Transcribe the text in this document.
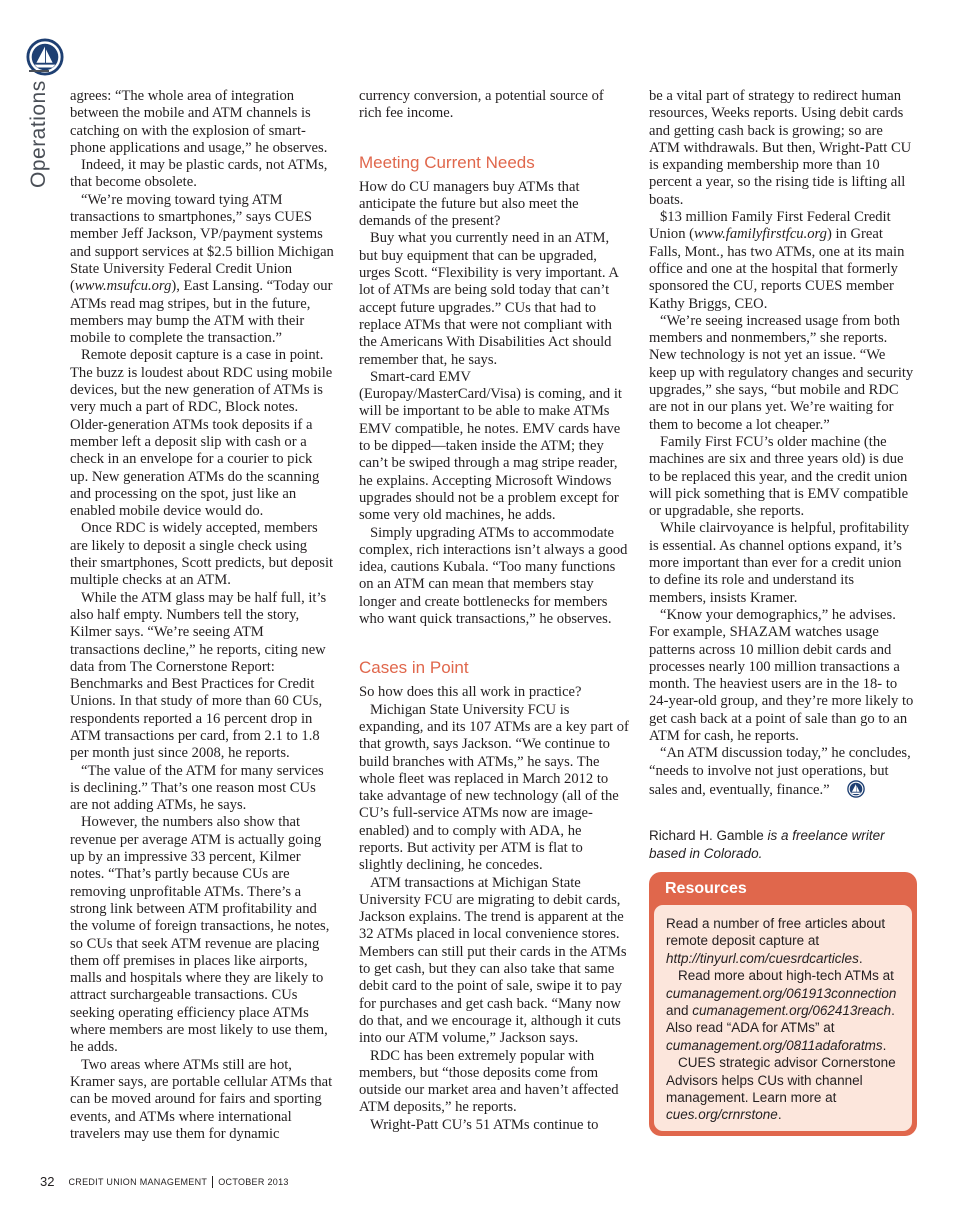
Operations agrees: “The whole area of integration between the mobile and ATM channels is catching on with the explosion of smart-phone applications and usage,” he observes.

Indeed, it may be plastic cards, not ATMs, that become obsolete.

“We’re moving toward tying ATM transactions to smartphones,” says CUES member Jeff Jackson, VP/payment systems and support services at $2.5 billion Michigan State University Federal Credit Union (www.msufcu.org), East Lansing. “Today our ATMs read mag stripes, but in the future, members may bump the ATM with their mobile to complete the transaction.”

Remote deposit capture is a case in point. The buzz is loudest about RDC using mobile devices, but the new generation of ATMs is very much a part of RDC, Block notes. Older-generation ATMs took deposits if a member left a deposit slip with cash or a check in an envelope for a courier to pick up. New generation ATMs do the scanning and processing on the spot, just like an enabled mobile device would do.

Once RDC is widely accepted, members are likely to deposit a single check using their smartphones, Scott predicts, but deposit multiple checks at an ATM.

While the ATM glass may be half full, it’s also half empty. Numbers tell the story, Kilmer says. “We’re seeing ATM transactions decline,” he reports, citing new data from The Cornerstone Report: Benchmarks and Best Practices for Credit Unions. In that study of more than 60 CUs, respondents reported a 16 percent drop in ATM transactions per card, from 2.1 to 1.8 per month just since 2008, he reports.

“The value of the ATM for many services is declining.” That’s one reason most CUs are not adding ATMs, he says.

However, the numbers also show that revenue per average ATM is actually going up by an impressive 33 percent, Kilmer notes. “That’s partly because CUs are removing unprofitable ATMs. There’s a strong link between ATM profitability and the volume of foreign transactions, he notes, so CUs that seek ATM revenue are placing them off premises in places like airports, malls and hospitals where they are likely to attract surchargeable transactions. CUs seeking operating efficiency place ATMs where members are most likely to use them, he adds.

Two areas where ATMs still are hot, Kramer says, are portable cellular ATMs that can be moved around for fairs and sporting events, and ATMs where international travelers may use them for dynamic

currency conversion, a potential source of rich fee income.

Meeting Current Needs

How do CU managers buy ATMs that anticipate the future but also meet the demands of the present?

Buy what you currently need in an ATM, but buy equipment that can be upgraded, urges Scott. “Flexibility is very important. A lot of ATMs are being sold today that can’t accept future upgrades.” CUs that had to replace ATMs that were not compliant with the Americans With Disabilities Act should remember that, he says.

Smart-card EMV (Europay/MasterCard/Visa) is coming, and it will be important to be able to make ATMs EMV compatible, he notes. EMV cards have to be dipped—taken inside the ATM; they can’t be swiped through a mag stripe reader, he explains. Accepting Microsoft Windows upgrades should not be a problem except for some very old machines, he adds.

Simply upgrading ATMs to accommodate complex, rich interactions isn’t always a good idea, cautions Kubala. “Too many functions on an ATM can mean that members stay longer and create bottlenecks for members who want quick transactions,” he observes.

Cases in Point

So how does this all work in practice?

Michigan State University FCU is expanding, and its 107 ATMs are a key part of that growth, says Jackson. “We continue to build branches with ATMs,” he says. The whole fleet was replaced in March 2012 to take advantage of new technology (all of the CU’s full-service ATMs now are image-enabled) and to comply with ADA, he reports. But activity per ATM is flat to slightly declining, he concedes.

ATM transactions at Michigan State University FCU are migrating to debit cards, Jackson explains. The trend is apparent at the 32 ATMs placed in local convenience stores. Members can still put their cards in the ATMs to get cash, but they can also take that same debit card to the point of sale, swipe it to pay for purchases and get cash back. “Many now do that, and we encourage it, although it cuts into our ATM volume,” Jackson says.

RDC has been extremely popular with members, but “those deposits come from outside our market area and haven’t affected ATM deposits,” he reports.

Wright-Patt CU’s 51 ATMs continue to

be a vital part of strategy to redirect human resources, Weeks reports. Using debit cards and getting cash back is growing; so are ATM withdrawals. But then, Wright-Patt CU is expanding membership more than 10 percent a year, so the rising tide is lifting all boats.

$13 million Family First Federal Credit Union (www.familyfirstfcu.org) in Great Falls, Mont., has two ATMs, one at its main office and one at the hospital that formerly sponsored the CU, reports CUES member Kathy Briggs, CEO.

“We’re seeing increased usage from both members and nonmembers,” she reports. New technology is not yet an issue. “We keep up with regulatory changes and security upgrades,” she says, “but mobile and RDC are not in our plans yet. We’re waiting for them to become a lot cheaper.”

Family First FCU’s older machine (the machines are six and three years old) is due to be replaced this year, and the credit union will pick something that is EMV compatible or upgradable, she reports.

While clairvoyance is helpful, profitability is essential. As channel options expand, it’s more important than ever for a credit union to define its role and understand its members, insists Kramer.

“Know your demographics,” he advises. For example, SHAZAM watches usage patterns across 10 million debit cards and processes nearly 100 million transactions a month. The heaviest users are in the 18- to 24-year-old group, and they’re more likely to get cash back at a point of sale than go to an ATM for cash, he reports.

“An ATM discussion today,” he concludes, “needs to involve not just operations, but sales and, eventually, finance.”

Richard H. Gamble is a freelance writer based in Colorado.

Resources

Read a number of free articles about remote deposit capture at http://tinyurl.com/cuesrdcarticles.

Read more about high-tech ATMs at cumanagement.org/061913connection and cumanagement.org/062413reach. Also read “ADA for ATMs” at cumanagement.org/0811adaforatms.

CUES strategic advisor Cornerstone Advisors helps CUs with channel management. Learn more at cues.org/crnrstone.

32 CREDIT UNION MANAGEMENT OCTOBER 2013
